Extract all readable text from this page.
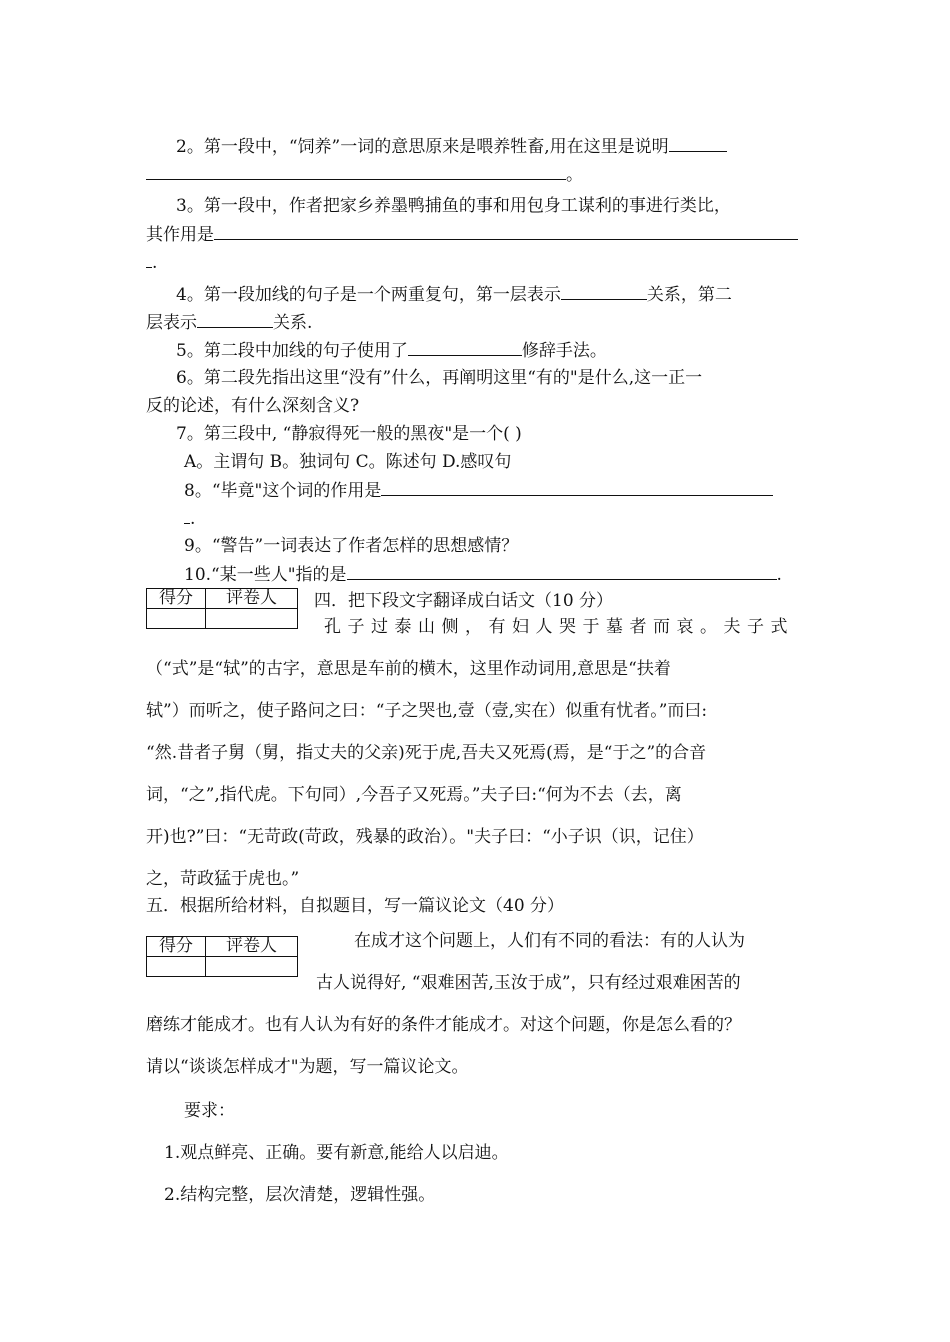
2。第一段中，“饲养”一词的意思原来是喂养牲畜,用在这里是说明
。
3。第一段中，作者把家乡养墨鸭捕鱼的事和用包身工谋利的事进行类比，
其作用是
.
4。第一段加线的句子是一个两重复句，第一层表示	关系，第二
层表示	关系.
5。第二段中加线的句子使用了	修辞手法。
6。第二段先指出这里“没有”什么，再阐明这里“有的"是什么,这一正一
反的论述，有什么深刻含义?
7。第三段中, “静寂得死一般的黑夜"是一个( )
A。主谓句 B。独词句 C。陈述句 D.感叹句
8。“毕竟"这个词的作用是
.
9。“警告”一词表达了作者怎样的思想感情？
10.“某一些人"指的是	.
得分	评卷人
	四．把下段文字翻译成白话文（10 分）
孔子过泰山侧，有妇人哭于墓者而哀。夫子式
（“式”是“轼”的古字，意思是车前的横木，这里作动词用,意思是“扶着
轼”）而听之，使子路问之曰：“子之哭也,壹（壹,实在）似重有忧者。”而曰:
“然.昔者子舅（舅，指丈夫的父亲)死于虎,吾夫又死焉(焉，是“于之”的合音
词，“之”,指代虎。下句同）,今吾子又死焉。”夫子曰:“何为不去（去，离
开)也?”曰：“无苛政(苛政，残暴的政治）。"夫子曰：“小子识（识，记住）
之，苛政猛于虎也。”
五．根据所给材料，自拟题目，写一篇议论文（40 分）
得分	评卷人
		在成才这个问题上，人们有不同的看法：有的人认为
古人说得好, “艰难困苦,玉汝于成”，只有经过艰难困苦的
磨练才能成才。也有人认为有好的条件才能成才。对这个问题，你是怎么看的？
请以“谈谈怎样成才"为题，写一篇议论文。
要求：
1.观点鲜亮、正确。要有新意,能给人以启迪。
2.结构完整，层次清楚，逻辑性强。
